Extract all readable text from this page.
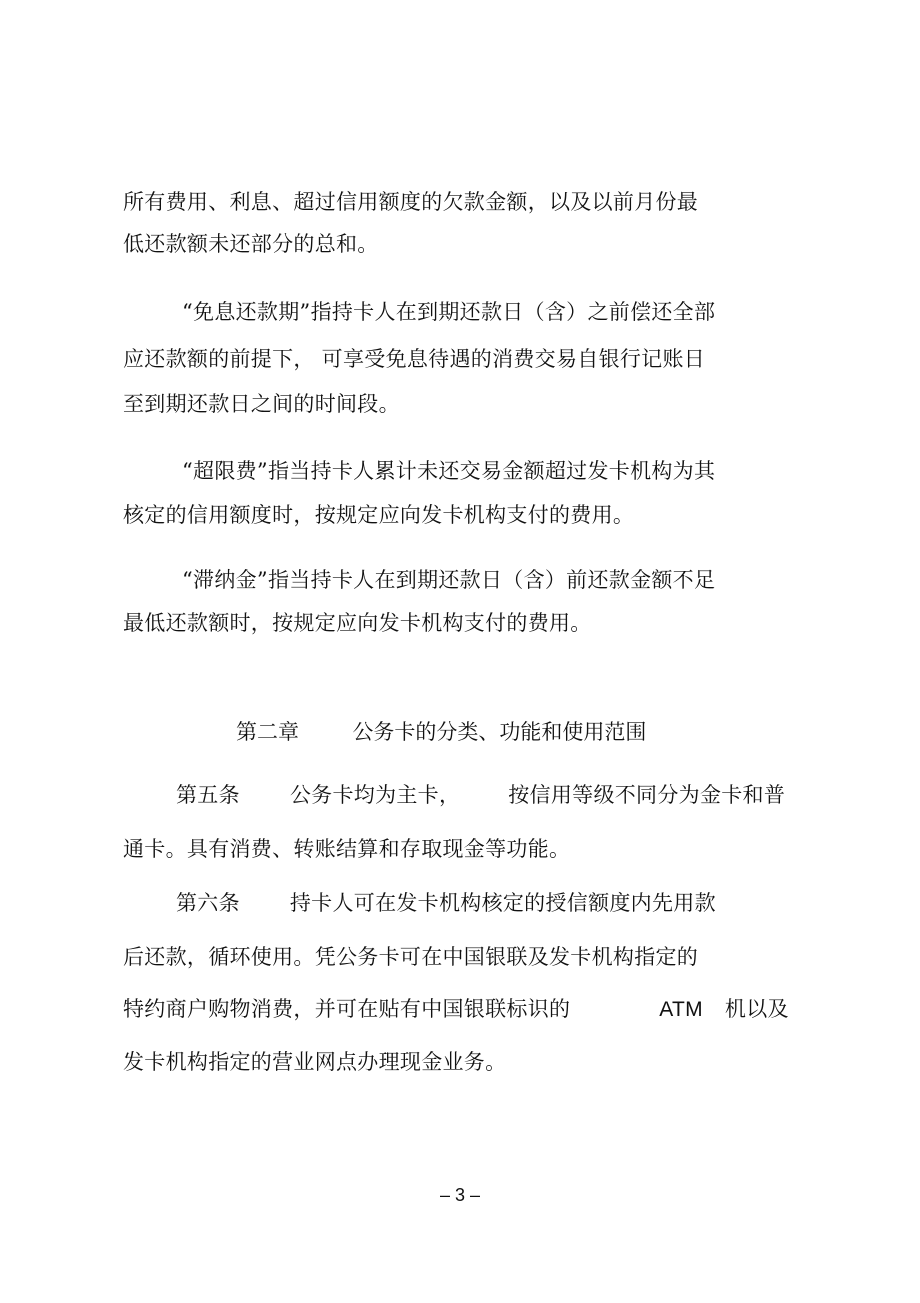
所有费用、利息、超过信用额度的欠款金额，以及以前月份最
低还款额未还部分的总和。
“免息还款期”指持卡人在到期还款日（含）之前偿还全部
应还款额的前提下， 可享受免息待遇的消费交易自银行记账日
至到期还款日之间的时间段。
“超限费”指当持卡人累计未还交易金额超过发卡机构为其
核定的信用额度时，按规定应向发卡机构支付的费用。
“滞纳金”指当持卡人在到期还款日（含）前还款金额不足
最低还款额时，按规定应向发卡机构支付的费用。
第二章	公务卡的分类、功能和使用范围
第五条 公务卡均为主卡， 按信用等级不同分为金卡和普
通卡。具有消费、转账结算和存取现金等功能。
第六条 持卡人可在发卡机构核定的授信额度内先用款
后还款，循环使用。凭公务卡可在中国银联及发卡机构指定的
特约商户购物消费，并可在贴有中国银联标识的	ATM 机以及
发卡机构指定的营业网点办理现金业务。
– 3 –
